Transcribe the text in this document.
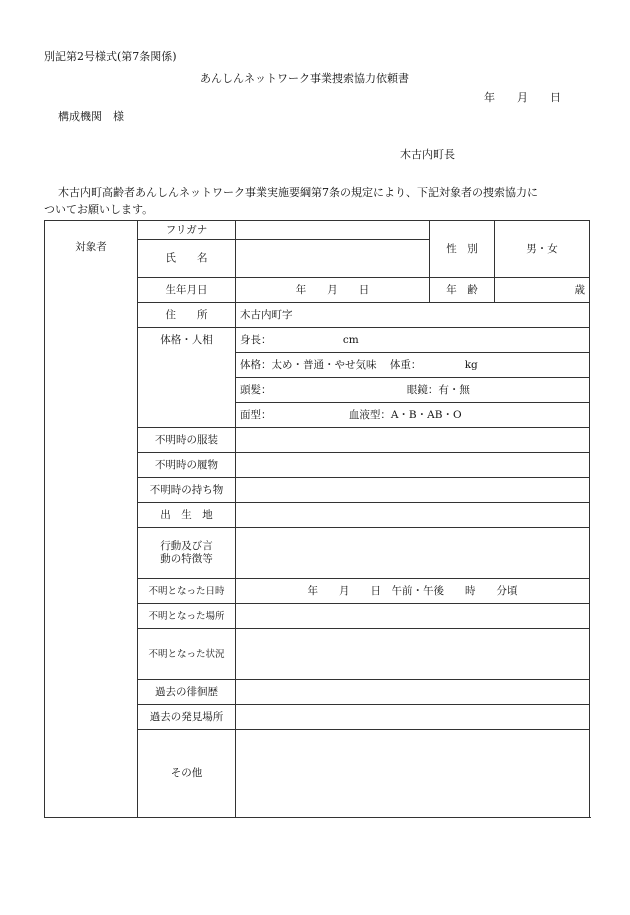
別記第2号様式(第7条関係)
あんしんネットワーク事業捜索協力依頼書
年　　月　　日
構成機関　様
木古内町長
木古内町高齢者あんしんネットワーク事業実施要綱第7条の規定により、下記対象者の捜索協力に
ついてお願いします。
対象者	フリガナ		性　別	男・女
	氏　　名			
	生年月日	年　　月　　日	年　齢	歳
	住　　所	木古内町字		
	体格・人相	身長： cm		
		体格：太め・普通・やせ気味 体重： kg		
		頭髪： 眼鏡：有・無		
		面型： 血液型：A・B・AB・O		
	不明時の服装			
	不明時の履物			
	不明時の持ち物			
	出　生　地			

	行動及び言
動の特徴等			

	不明となった日時	年　　月　　日　午前・午後　　時　　分頃		
	不明となった場所			
	不明となった状況			
	過去の徘徊歴			
	過去の発見場所			
	その他			
